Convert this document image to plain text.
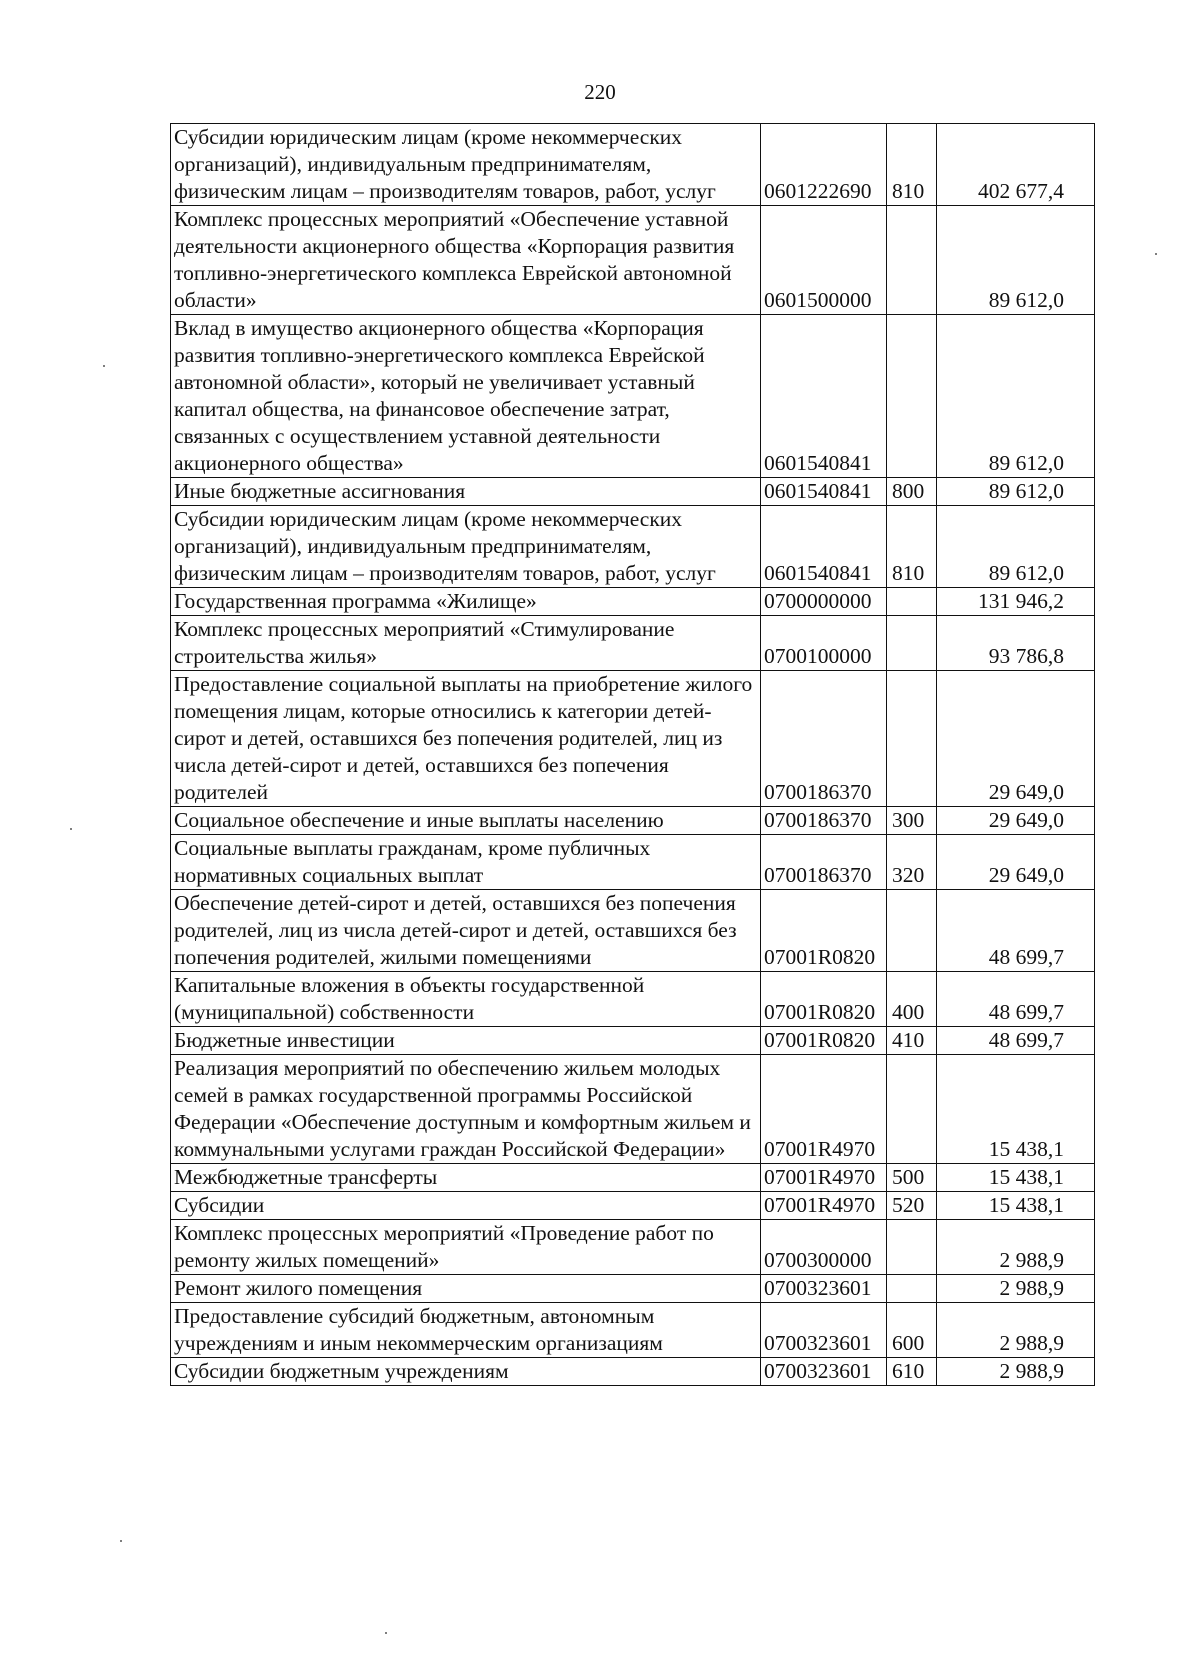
220
Субсидии юридическим лицам (кроме некоммерческих организаций), индивидуальным предпринимателям, физическим лицам – производителям товаров, работ, услуг	0601222690	810	402 677,4
Комплекс процессных мероприятий «Обеспечение уставной деятельности акционерного общества «Корпорация развития топливно-энергетического комплекса Еврейской автономной области»	0601500000		89 612,0
Вклад в имущество акционерного общества «Корпорация развития топливно-энергетического комплекса Еврейской автономной области», который не увеличивает уставный капитал общества, на финансовое обеспечение затрат, связанных с осуществлением уставной деятельности акционерного общества»	0601540841		89 612,0
Иные бюджетные ассигнования	0601540841	800	89 612,0
Субсидии юридическим лицам (кроме некоммерческих организаций), индивидуальным предпринимателям, физическим лицам – производителям товаров, работ, услуг	0601540841	810	89 612,0
Государственная программа «Жилище»	0700000000		131 946,2
Комплекс процессных мероприятий «Стимулирование строительства жилья»	0700100000		93 786,8
Предоставление социальной выплаты на приобретение жилого помещения лицам, которые относились к категории детей-сирот и детей, оставшихся без попечения родителей, лиц из числа детей-сирот и детей, оставшихся без попечения родителей	0700186370		29 649,0
Социальное обеспечение и иные выплаты населению	0700186370	300	29 649,0
Социальные выплаты гражданам, кроме публичных нормативных социальных выплат	0700186370	320	29 649,0
Обеспечение детей-сирот и детей, оставшихся без попечения родителей, лиц из числа детей-сирот и детей, оставшихся без попечения родителей, жилыми помещениями	07001R0820		48 699,7
Капитальные вложения в объекты государственной (муниципальной) собственности	07001R0820	400	48 699,7
Бюджетные инвестиции	07001R0820	410	48 699,7
Реализация мероприятий по обеспечению жильем молодых семей в рамках государственной программы Российской Федерации «Обеспечение доступным и комфортным жильем и коммунальными услугами граждан Российской Федерации»	07001R4970		15 438,1
Межбюджетные трансферты	07001R4970	500	15 438,1
Субсидии	07001R4970	520	15 438,1
Комплекс процессных мероприятий «Проведение работ по ремонту жилых помещений»	0700300000		2 988,9
Ремонт жилого помещения	0700323601		2 988,9
Предоставление субсидий бюджетным, автономным учреждениям и иным некоммерческим организациям	0700323601	600	2 988,9
Субсидии бюджетным учреждениям	0700323601	610	2 988,9
